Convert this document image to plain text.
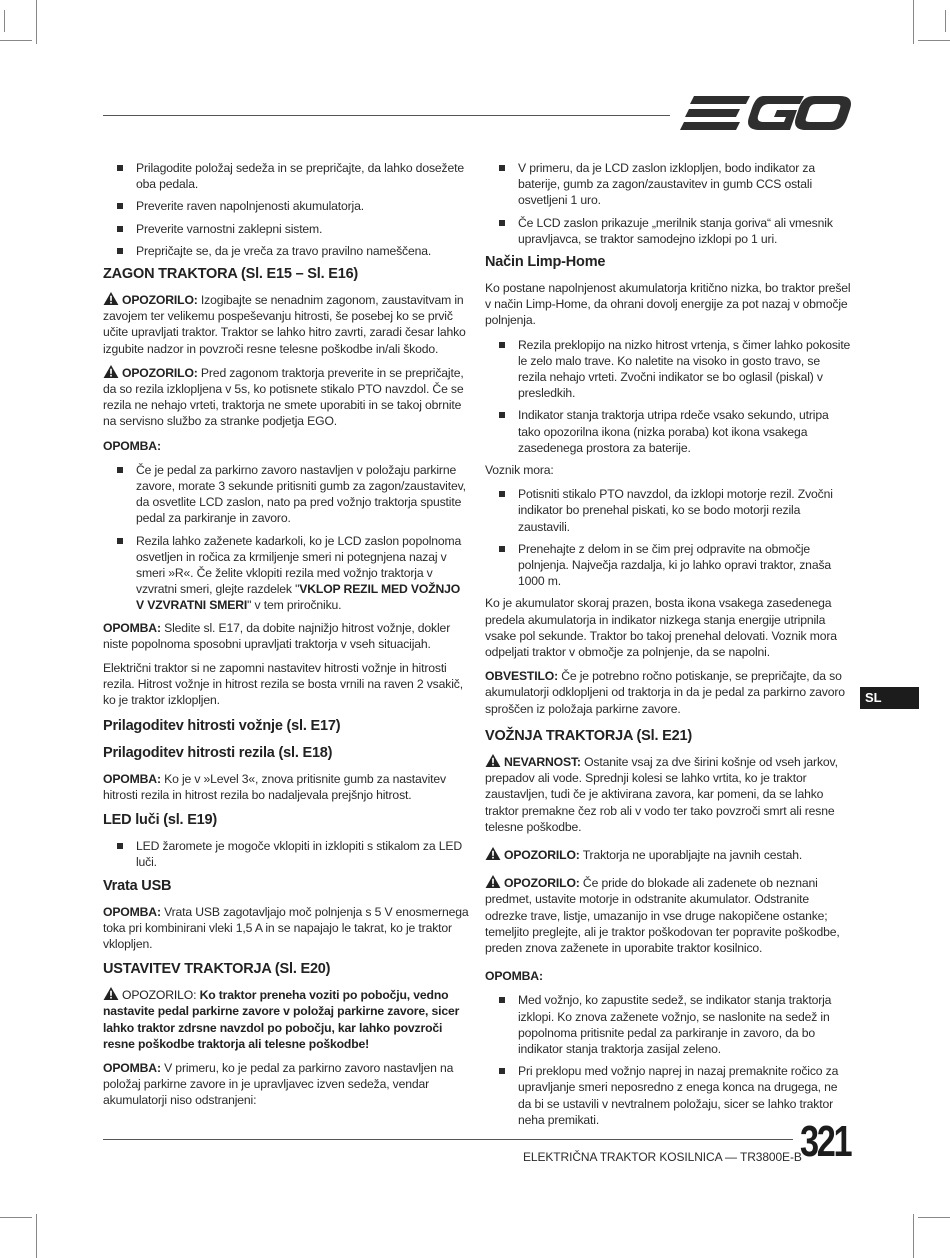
Prilagodite položaj sedeža in se prepričajte, da lahko dosežete oba pedala.
Preverite raven napolnjenosti akumulatorja.
Preverite varnostni zaklepni sistem.
Prepričajte se, da je vreča za travo pravilno nameščena.
ZAGON TRAKTORA (Sl. E15 – Sl. E16)

OPOZORILO: Izogibajte se nenadnim zagonom, zaustavitvam in zavojem ter velikemu pospeševanju hitrosti, še posebej ko se prvič učite upravljati traktor. Traktor se lahko hitro zavrti, zaradi česar lahko izgubite nadzor in povzroči resne telesne poškodbe in/ali škodo.

OPOZORILO: Pred zagonom traktorja preverite in se prepričajte, da so rezila izklopljena v 5s, ko potisnete stikalo PTO navzdol. Če se rezila ne nehajo vrteti, traktorja ne smete uporabiti in se takoj obrnite na servisno službo za stranke podjetja EGO.

OPOMBA:

Če je pedal za parkirno zavoro nastavljen v položaju parkirne zavore, morate 3 sekunde pritisniti gumb za zagon/zaustavitev, da osvetlite LCD zaslon, nato pa pred vožnjo traktorja spustite pedal za parkiranje in zavoro.
Rezila lahko zaženete kadarkoli, ko je LCD zaslon popolnoma osvetljen in ročica za krmiljenje smeri ni potegnjena nazaj v smeri »R«. Če želite vklopiti rezila med vožnjo traktorja v vzvratni smeri, glejte razdelek "VKLOP REZIL MED VOŽNJO V VZVRATNI SMERI" v tem priročniku.

OPOMBA: Sledite sl. E17, da dobite najnižjo hitrost vožnje, dokler niste popolnoma sposobni upravljati traktorja v vseh situacijah.

Električni traktor si ne zapomni nastavitev hitrosti vožnje in hitrosti rezila. Hitrost vožnje in hitrost rezila se bosta vrnili na raven 2 vsakič, ko je traktor izklopljen.

Prilagoditev hitrosti vožnje (sl. E17)
Prilagoditev hitrosti rezila (sl. E18)

OPOMBA: Ko je v »Level 3«, znova pritisnite gumb za nastavitev hitrosti rezila in hitrost rezila bo nadaljevala prejšnjo hitrost.

LED luči (sl. E19)
LED žaromete je mogoče vklopiti in izklopiti s stikalom za LED luči.
Vrata USB

OPOMBA: Vrata USB zagotavljajo moč polnjenja s 5 V enosmernega toka pri kombinirani vleki 1,5 A in se napajajo le takrat, ko je traktor vklopljen.

USTAVITEV TRAKTORJA (Sl. E20)

OPOZORILO: Ko traktor preneha voziti po pobočju, vedno nastavite pedal parkirne zavore v položaj parkirne zavore, sicer lahko traktor zdrsne navzdol po pobočju, kar lahko povzroči resne poškodbe traktorja ali telesne poškodbe!

OPOMBA: V primeru, ko je pedal za parkirno zavoro nastavljen na položaj parkirne zavore in je upravljavec izven sedeža, vendar akumulatorji niso odstranjeni:

V primeru, da je LCD zaslon izklopljen, bodo indikator za baterije, gumb za zagon/zaustavitev in gumb CCS ostali osvetljeni 1 uro.
Če LCD zaslon prikazuje „merilnik stanja goriva“ ali vmesnik upravljavca, se traktor samodejno izklopi po 1 uri.
Način Limp-Home

Ko postane napolnjenost akumulatorja kritično nizka, bo traktor prešel v način Limp-Home, da ohrani dovolj energije za pot nazaj v območje polnjenja.

Rezila preklopijo na nizko hitrost vrtenja, s čimer lahko pokosite le zelo malo trave. Ko naletite na visoko in gosto travo, se rezila nehajo vrteti. Zvočni indikator se bo oglasil (piskal) v presledkih.
Indikator stanja traktorja utripa rdeče vsako sekundo, utripa tako opozorilna ikona (nizka poraba) kot ikona vsakega zasedenega prostora za baterije.

Voznik mora:

Potisniti stikalo PTO navzdol, da izklopi motorje rezil. Zvočni indikator bo prenehal piskati, ko se bodo motorji rezila zaustavili.
Prenehajte z delom in se čim prej odpravite na območje polnjenja. Največja razdalja, ki jo lahko opravi traktor, znaša 1000 m.

Ko je akumulator skoraj prazen, bosta ikona vsakega zasedenega predela akumulatorja in indikator nizkega stanja energije utripnila vsake pol sekunde. Traktor bo takoj prenehal delovati. Voznik mora odpeljati traktor v območje za polnjenje, da se napolni.

OBVESTILO: Če je potrebno ročno potiskanje, se prepričajte, da so akumulatorji odklopljeni od traktorja in da je pedal za parkirno zavoro sproščen iz položaja parkirne zavore.

VOŽNJA TRAKTORJA (Sl. E21)

NEVARNOST: Ostanite vsaj za dve širini košnje od vseh jarkov, prepadov ali vode. Sprednji kolesi se lahko vrtita, ko je traktor zaustavljen, tudi če je aktivirana zavora, kar pomeni, da se lahko traktor premakne čez rob ali v vodo ter tako povzroči smrt ali resne telesne poškodbe.

OPOZORILO: Traktorja ne uporabljajte na javnih cestah.

OPOZORILO: Če pride do blokade ali zadenete ob neznani predmet, ustavite motorje in odstranite akumulator. Odstranite odrezke trave, listje, umazanijo in vse druge nakopičene ostanke; temeljito preglejte, ali je traktor poškodovan ter popravite poškodbe, preden znova zaženete in uporabite traktor kosilnico.

OPOMBA:

Med vožnjo, ko zapustite sedež, se indikator stanja traktorja izklopi. Ko znova zaženete vožnjo, se naslonite na sedež in popolnoma pritisnite pedal za parkiranje in zavoro, da bo indikator stanja traktorja zasijal zeleno.
Pri preklopu med vožnjo naprej in nazaj premaknite ročico za upravljanje smeri neposredno z enega konca na drugega, ne da bi se ustavili v nevtralnem položaju, sicer se lahko traktor neha premikati.
SL
ELEKTRIČNA TRAKTOR KOSILNICA — TR3800E-B
321
